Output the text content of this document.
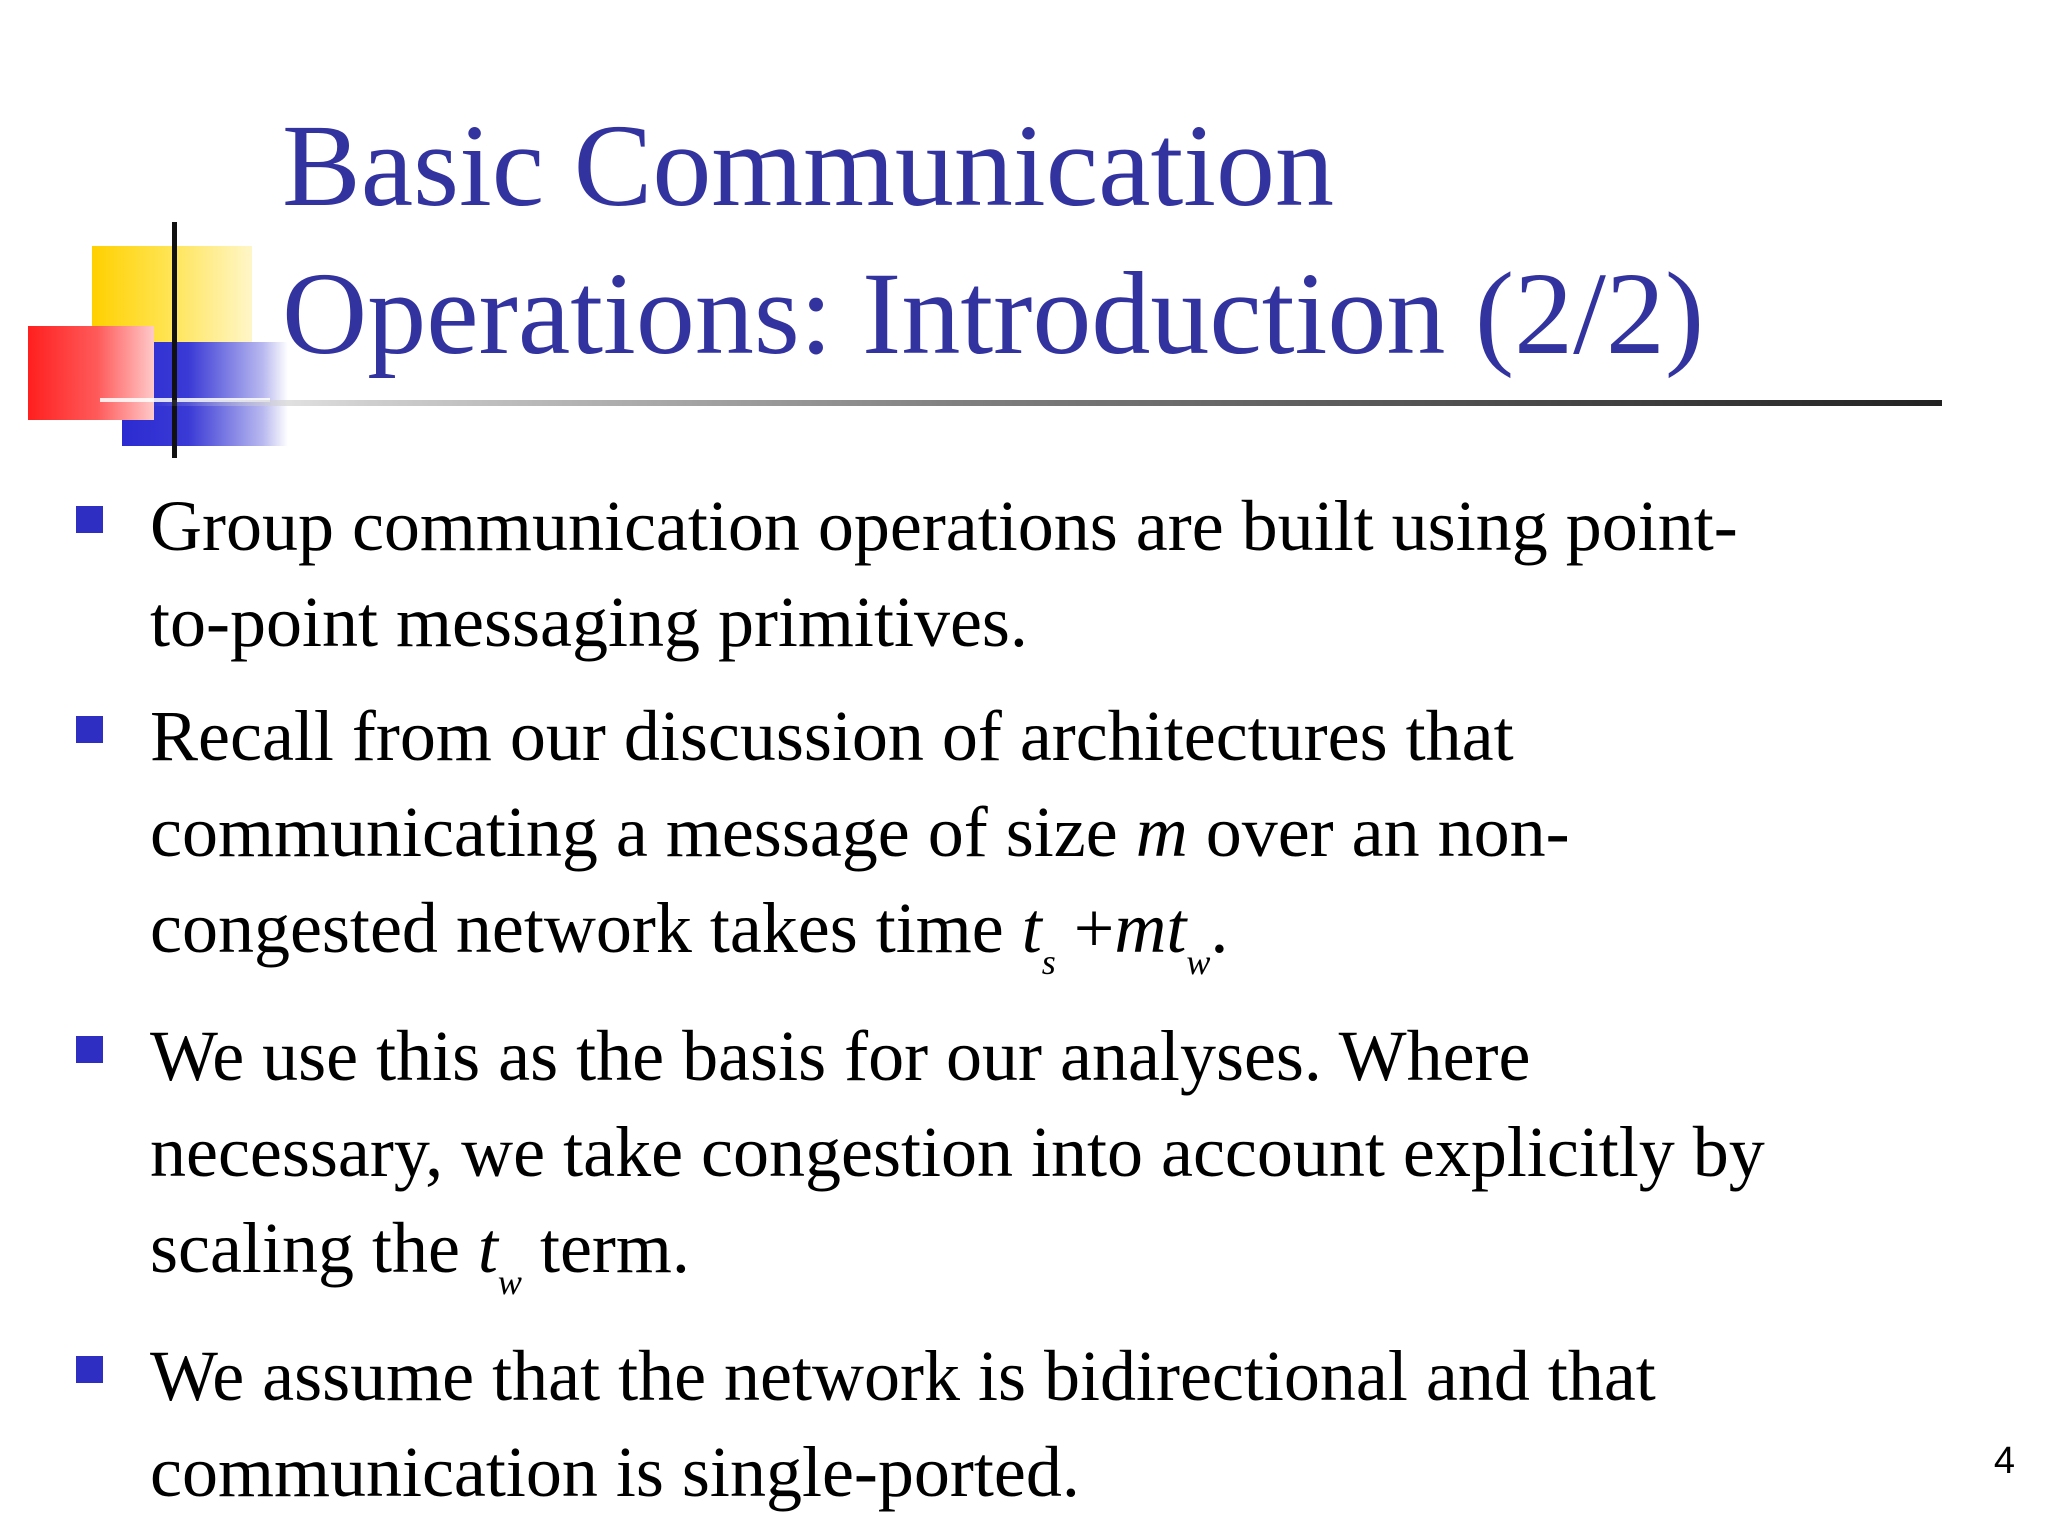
Basic Communication
Operations: Introduction (2/2)
Group communication operations are built using point-
to-point messaging primitives.
Recall from our discussion of architectures that
communicating a message of size m over an non-
congested network takes time $t_s +mt_w$.
We use this as the basis for our analyses. Where
necessary, we take congestion into account explicitly by
scaling the $t_w$ term.
We assume that the network is bidirectional and that
communication is single-ported.	4
